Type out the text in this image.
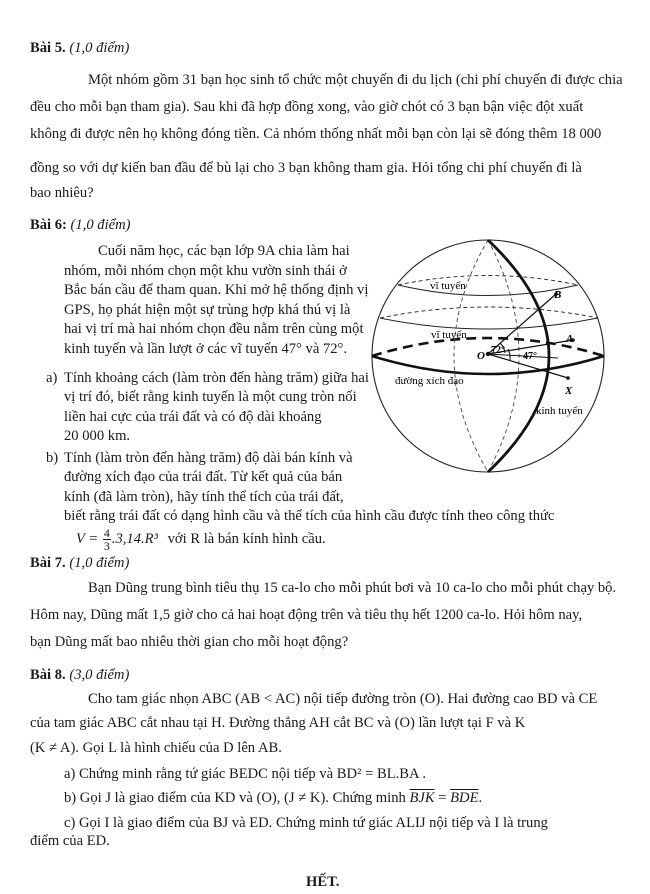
Bài 5. (1,0 điểm)
Một nhóm gồm 31 bạn học sinh tổ chức một chuyến đi du lịch (chi phí chuyến đi được chia
đều cho mỗi bạn tham gia). Sau khi đã hợp đồng xong, vào giờ chót có 3 bạn bận việc đột xuất
không đi được nên họ không đóng tiền. Cả nhóm thống nhất mỗi bạn còn lại sẽ đóng thêm 18 000
đồng so với dự kiến ban đầu để bù lại cho 3 bạn không tham gia. Hỏi tổng chi phí chuyến đi là
bao nhiêu?
Bài 6: (1,0 điểm)
Cuối năm học, các bạn lớp 9A chia làm hai
nhóm, mỗi nhóm chọn một khu vườn sinh thái ở
Bắc bán cầu để tham quan. Khi mở hệ thống định vị
GPS, họ phát hiện một sự trùng hợp khá thú vị là
hai vị trí mà hai nhóm chọn đều nằm trên cùng một
kinh tuyến và lần lượt ở các vĩ tuyến 47° và 72°.
a) Tính khoảng cách (làm tròn đến hàng trăm) giữa hai
vị trí đó, biết rằng kinh tuyến là một cung tròn nối
liền hai cực của trái đất và có độ dài khoảng
20 000 km.
b) Tính (làm tròn đến hàng trăm) độ dài bán kính và
đường xích đạo của trái đất. Từ kết quả của bán
kính (đã làm tròn), hãy tính thể tích của trái đất,
biết rằng trái đất có dạng hình cầu và thể tích của hình cầu được tính theo công thức
$V = \frac{4}{3} .3,14.R^3$ với R là bán kính hình cầu.
vĩ tuyến
vĩ tuyến
B
A
O 72°
47°
X
đường xích đạo
kinh tuyến
Bài 7. (1,0 điểm)
Bạn Dũng trung bình tiêu thụ 15 ca-lo cho mỗi phút bơi và 10 ca-lo cho mỗi phút chạy bộ.
Hôm nay, Dũng mất 1,5 giờ cho cả hai hoạt động trên và tiêu thụ hết 1200 ca-lo. Hỏi hôm nay,
bạn Dũng mất bao nhiêu thời gian cho mỗi hoạt động?
Bài 8. (3,0 điểm)
Cho tam giác nhọn ABC (AB < AC) nội tiếp đường tròn (O). Hai đường cao BD và CE
của tam giác ABC cắt nhau tại H. Đường thẳng AH cắt BC và (O) lần lượt tại F và K
(K ≠ A). Gọi L là hình chiếu của D lên AB.
a) Chứng minh rằng tứ giác BEDC nội tiếp và BD² = BL.BA .
b) Gọi J là giao điểm của KD và (O), (J ≠ K). Chứng minh $\overline{BJK} = \overline{BDE}$.
c) Gọi I là giao điểm của BJ và ED. Chứng minh tứ giác ALIJ nội tiếp và I là trung
điểm của ED.
HẾT.
